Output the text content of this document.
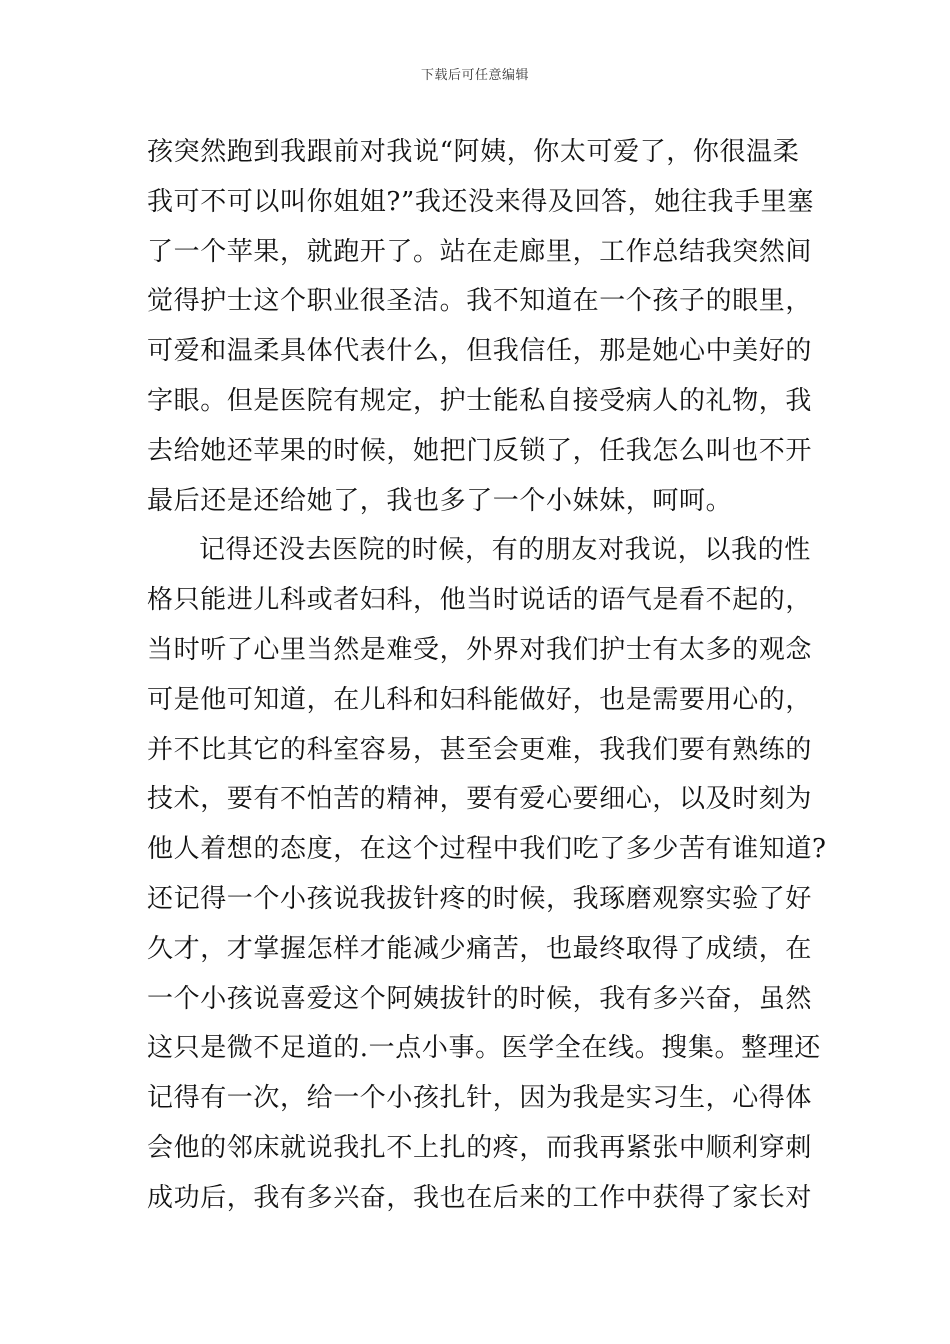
下载后可任意编辑
孩突然跑到我跟前对我说“阿姨，你太可爱了，你很温柔
我可不可以叫你姐姐?”我还没来得及回答，她往我手里塞
了一个苹果，就跑开了。站在走廊里，工作总结我突然间
觉得护士这个职业很圣洁。我不知道在一个孩子的眼里，
可爱和温柔具体代表什么，但我信任，那是她心中美好的
字眼。但是医院有规定，护士能私自接受病人的礼物，我
去给她还苹果的时候，她把门反锁了，任我怎么叫也不开
最后还是还给她了，我也多了一个小妹妹，呵呵。
记得还没去医院的时候，有的朋友对我说，以我的性
格只能进儿科或者妇科，他当时说话的语气是看不起的，
当时听了心里当然是难受，外界对我们护士有太多的观念
可是他可知道，在儿科和妇科能做好，也是需要用心的，
并不比其它的科室容易，甚至会更难，我我们要有熟练的
技术，要有不怕苦的精神，要有爱心要细心，以及时刻为
他人着想的态度，在这个过程中我们吃了多少苦有谁知道?
还记得一个小孩说我拔针疼的时候，我琢磨观察实验了好
久才，才掌握怎样才能减少痛苦，也最终取得了成绩，在
一个小孩说喜爱这个阿姨拔针的时候，我有多兴奋，虽然
这只是微不足道的.一点小事。医学全在线。搜集。整理还
记得有一次，给一个小孩扎针，因为我是实习生，心得体
会他的邻床就说我扎不上扎的疼，而我再紧张中顺利穿刺
成功后，我有多兴奋，我也在后来的工作中获得了家长对
